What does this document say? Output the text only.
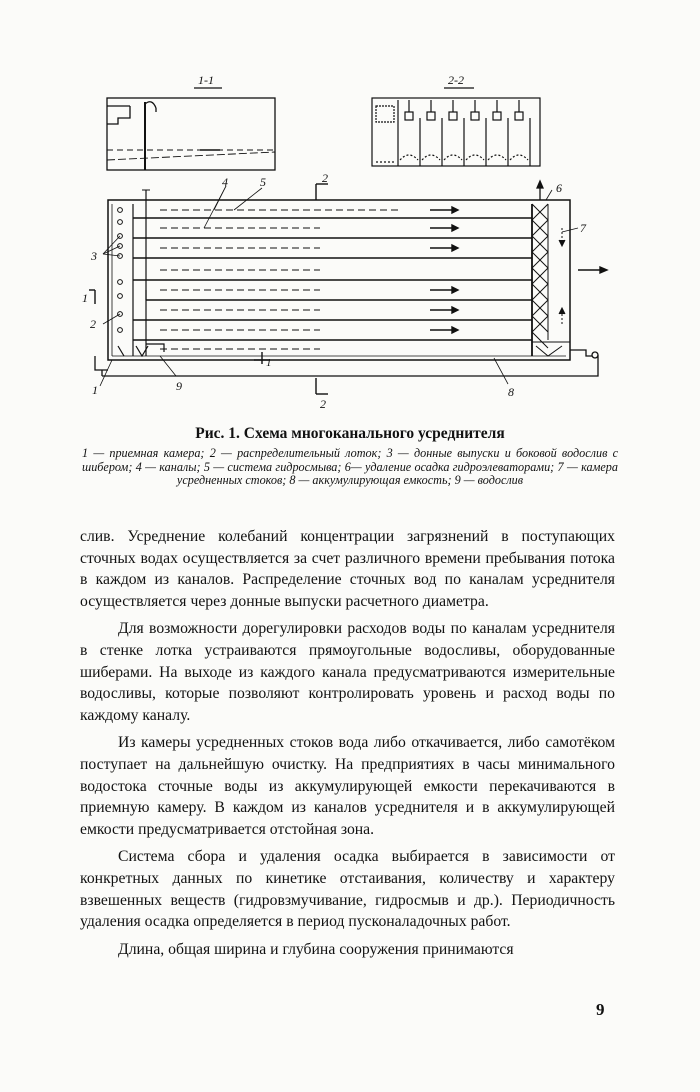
1-1	2-2
4	5
3
2
1	9	8
6
7
2
2
1
1
Рис. 1. Схема многоканального усреднителя
1 — приемная камера; 2 — распределительный лоток; 3 — донные выпуски и боковой водослив с шибером; 4 — каналы; 5 — система гидросмыва; 6— удаление осадка гидроэлеваторами; 7 — камера усредненных стоков; 8 — аккумулирующая емкость; 9 — водослив

слив. Усреднение колебаний концентрации загрязнений в поступающих сточных водах осуществляется за счет различного времени пребывания потока в каждом из каналов. Распределение сточных вод по каналам усреднителя осуществляется через донные выпуски расчетного диаметра.

Для возможности дорегулировки расходов воды по каналам усреднителя в стенке лотка устраиваются прямоугольные водосливы, оборудованные шиберами. На выходе из каждого канала предусматриваются измерительные водосливы, которые позволяют контролировать уровень и расход воды по каждому каналу.

Из камеры усредненных стоков вода либо откачивается, либо самотёком поступает на дальнейшую очистку. На предприятиях в часы минимального водостока сточные воды из аккумулирующей емкости перекачиваются в приемную камеру. В каждом из каналов усреднителя и в аккумулирующей емкости предусматривается отстойная зона.

Система сбора и удаления осадка выбирается в зависимости от конкретных данных по кинетике отстаивания, количеству и характеру взвешенных веществ (гидровзмучивание, гидросмыв и др.). Периодичность удаления осадка определяется в период пусконаладочных работ.

Длина, общая ширина и глубина сооружения принимаются

9
